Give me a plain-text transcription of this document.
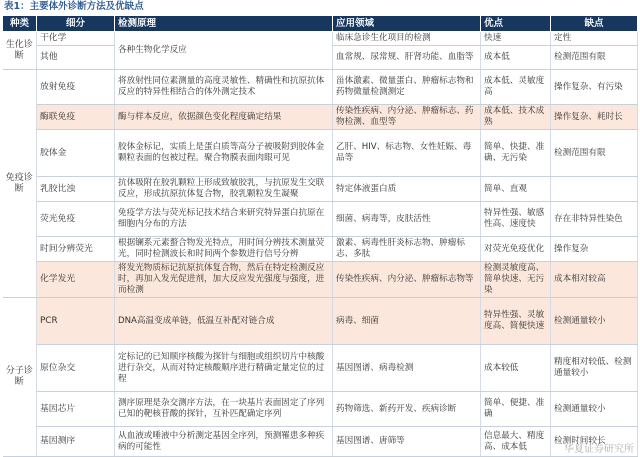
表1：主要体外诊断方法及优缺点
种类	细分	检测原理	应用领域	优点	缺点
生化诊断	干化学	各种生物化学反应	临床急诊生化项目的检测	快速	定性
	其他		血常规、尿常规、肝肾功能、血脂等	成本低	检测范围有限
免疫诊断	放射免疫	将放射性同位素测量的高度灵敏性、精确性和抗原抗体反应的特异性相结合的体外测定技术	甾体激素、微量蛋白、肿瘤标志物和药物微量检测测定	成本低、灵敏度高	操作复杂、有污染
	酶联免疫	酶与样本反应，依据颜色变化程度确定结果	传染性疾病、内分泌、肿瘤标志、药物检测、血型等	成本低、技术成熟	操作复杂、耗时长
	胶体金	胶体金标记，实质上是蛋白质等高分子被吸附到胶体金颗粒表面的包被过程。聚合物膜表面肉眼可见	乙肝、HIV、标志物、女性妊娠、毒品等	简单、快捷、准确、无污染	检测范围有限
	乳胶比浊	抗体吸附在胶乳颗粒上形成致敏胶乳，与抗原发生交联反应，形成抗原抗体复合物，胶乳颗粒发生凝聚	特定体液蛋白质	简单、直观	
	荧光免疫	免疫学方法与荧光标记技术结合来研究特异蛋白抗原在细胞内分布的方法	细菌、病毒等，皮肤活性	特异性强、敏感性高、速度快	存在非特异性染色
	时间分辨荧光	根据镧系元素螯合物发光特点，用时间分辨技术测量荧光，同时检测波长和时间两个参数进行信号分辨	激素、病毒性肝炎标志物、肿瘤标志、多肽	对荧光免疫优化	操作复杂
	化学发光	将发光物质标记抗原抗体复合物，然后在特定检测反应时，再加入发光促进剂，加大反应发光强度与强度，进而检测	传染性疾病、内分泌、肿瘤标志物等	检测灵敏度高、简单快速、无污染	成本相对较高
分子诊断	PCR	DNA高温变成单链，低温互补配对链合成	病毒、细菌	特异性强、灵敏度高、简便快速	检测通量较小
	原位杂交	定标记的已知顺序核酸为探针与细胞或组织切片中核酸进行杂交，从而对特定核酸顺序进行精确定量定位的过程	基因图谱、病毒检测	成本较低	精度相对较低、检测通量较小
	基因芯片	测序原理是杂交测序方法，在一块基片表面固定了序列已知的靶核苷酸的探针，互补匹配确定序列	药物筛选、新药开发、疾病诊断	简单、便捷、准确	检测通量较小
	基因测序	从血液或唾液中分析测定基因全序列，预测罹患多种疾病的可能性	基因图谱、唐筛等	信息最大、精度高、成本低	检测时间较长
华夏证券研究所
